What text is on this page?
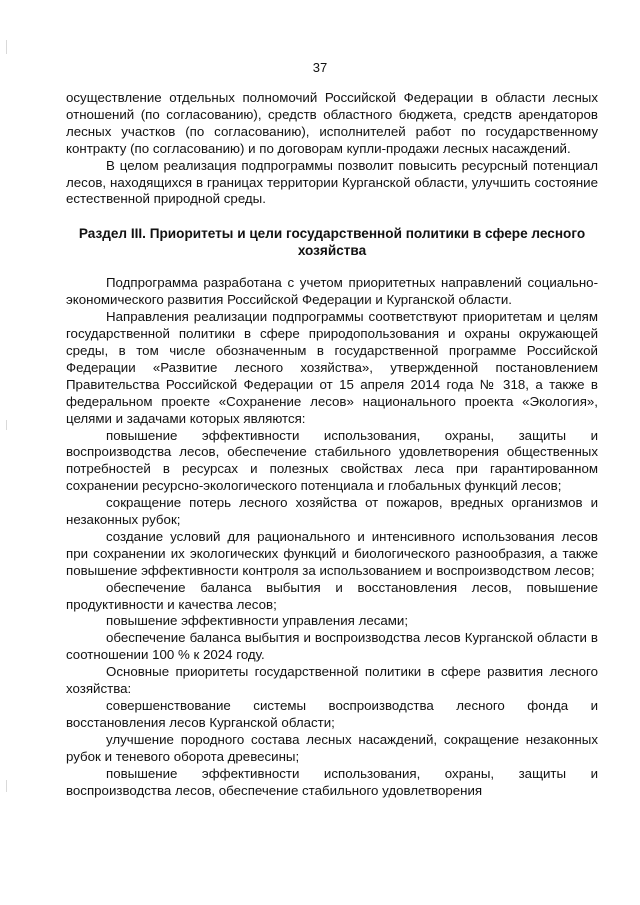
37

осуществление отдельных полномочий Российской Федерации в области лесных отношений (по согласованию), средств областного бюджета, средств арендаторов лесных участков (по согласованию), исполнителей работ по государственному контракту (по согласованию) и по договорам купли-продажи лесных насаждений.

В целом реализация подпрограммы позволит повысить ресурсный потенциал лесов, находящихся в границах территории Курганской области, улучшить состояние естественной природной среды.

Раздел III. Приоритеты и цели государственной политики в сфере лесного хозяйства

Подпрограмма разработана с учетом приоритетных направлений социально-экономического развития Российской Федерации и Курганской области.

Направления реализации подпрограммы соответствуют приоритетам и целям государственной политики в сфере природопользования и охраны окружающей среды, в том числе обозначенным в государственной программе Российской Федерации «Развитие лесного хозяйства», утвержденной постановлением Правительства Российской Федерации от 15 апреля 2014 года № 318, а также в федеральном проекте «Сохранение лесов» национального проекта «Экология», целями и задачами которых являются:

повышение эффективности использования, охраны, защиты и воспроизводства лесов, обеспечение стабильного удовлетворения общественных потребностей в ресурсах и полезных свойствах леса при гарантированном сохранении ресурсно-экологического потенциала и глобальных функций лесов;

сокращение потерь лесного хозяйства от пожаров, вредных организмов и незаконных рубок;

создание условий для рационального и интенсивного использования лесов при сохранении их экологических функций и биологического разнообразия, а также повышение эффективности контроля за использованием и воспроизводством лесов;

обеспечение баланса выбытия и восстановления лесов, повышение продуктивности и качества лесов;

повышение эффективности управления лесами;

обеспечение баланса выбытия и воспроизводства лесов Курганской области в соотношении 100 % к 2024 году.

Основные приоритеты государственной политики в сфере развития лесного хозяйства:

совершенствование системы воспроизводства лесного фонда и восстановления лесов Курганской области;

улучшение породного состава лесных насаждений, сокращение незаконных рубок и теневого оборота древесины;

повышение эффективности использования, охраны, защиты и воспроизводства лесов, обеспечение стабильного удовлетворения
